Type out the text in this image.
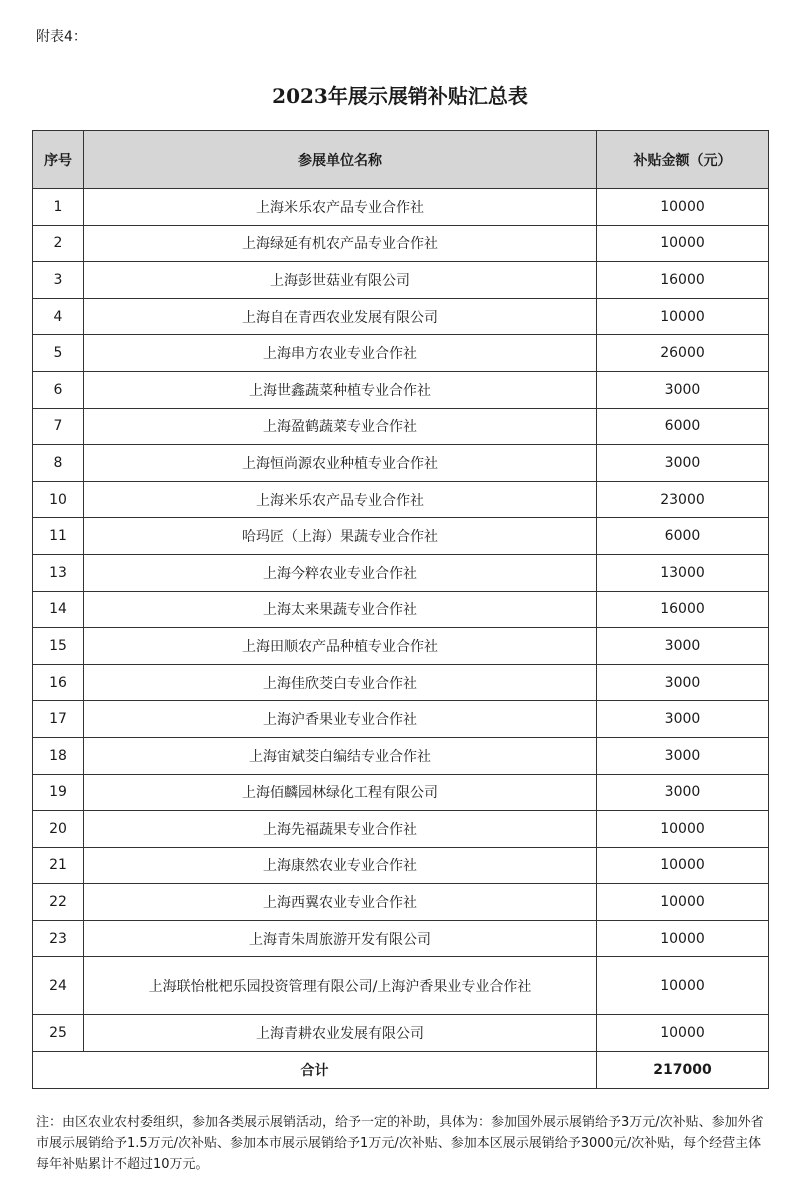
附表4：
2023年展示展销补贴汇总表
序号	参展单位名称	补贴金额（元）
1	上海米乐农产品专业合作社	10000
2	上海绿延有机农产品专业合作社	10000
3	上海彭世菇业有限公司	16000
4	上海自在青西农业发展有限公司	10000
5	上海串方农业专业合作社	26000
6	上海世鑫蔬菜种植专业合作社	3000
7	上海盈鹤蔬菜专业合作社	6000
8	上海恒尚源农业种植专业合作社	3000
10	上海米乐农产品专业合作社	23000
11	哈玛匠（上海）果蔬专业合作社	6000
13	上海今粹农业专业合作社	13000
14	上海太来果蔬专业合作社	16000
15	上海田顺农产品种植专业合作社	3000
16	上海佳欣茭白专业合作社	3000
17	上海沪香果业专业合作社	3000
18	上海宙斌茭白编结专业合作社	3000
19	上海佰麟园林绿化工程有限公司	3000
20	上海先福蔬果专业合作社	10000
21	上海康然农业专业合作社	10000
22	上海西翼农业专业合作社	10000
23	上海青朱周旅游开发有限公司	10000
24	上海联怡枇杷乐园投资管理有限公司/上海沪香果业专业合作社	10000
25	上海青耕农业发展有限公司	10000
合计		217000
注：由区农业农村委组织，参加各类展示展销活动，给予一定的补助，具体为：参加国外展示展销给予3万元/次补贴、参加外省市展示展销给予1.5万元/次补贴、参加本市展示展销给予1万元/次补贴、参加本区展示展销给予3000元/次补贴，每个经营主体每年补贴累计不超过10万元。
